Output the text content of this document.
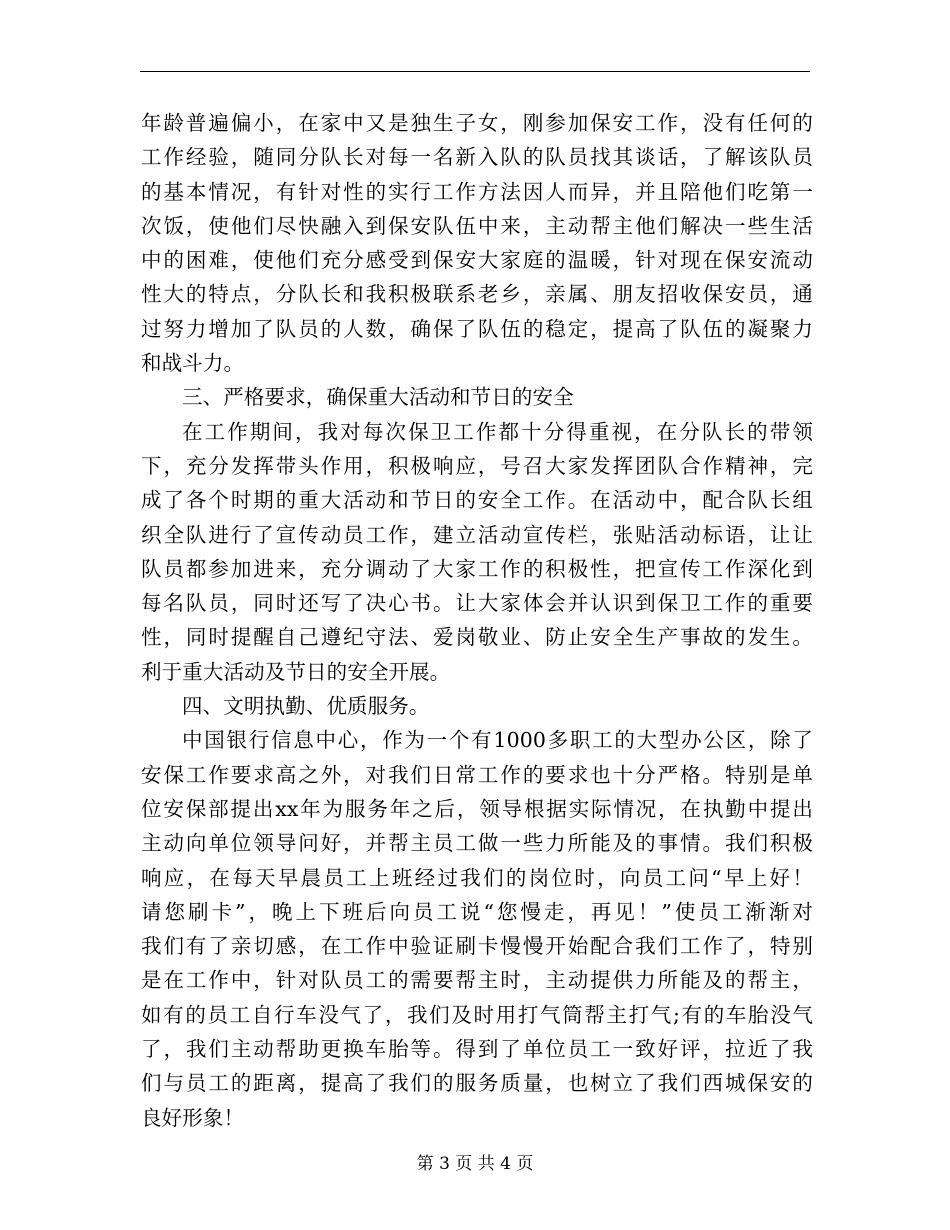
年龄普遍偏小，在家中又是独生子女，刚参加保安工作，没有任何的
工作经验，随同分队长对每一名新入队的队员找其谈话，了解该队员
的基本情况，有针对性的实行工作方法因人而异，并且陪他们吃第一
次饭，使他们尽快融入到保安队伍中来，主动帮主他们解决一些生活
中的困难，使他们充分感受到保安大家庭的温暖，针对现在保安流动
性大的特点，分队长和我积极联系老乡，亲属、朋友招收保安员，通
过努力增加了队员的人数，确保了队伍的稳定，提高了队伍的凝聚力
和战斗力。
三、严格要求，确保重大活动和节日的安全
在工作期间，我对每次保卫工作都十分得重视，在分队长的带领
下，充分发挥带头作用，积极响应，号召大家发挥团队合作精神，完
成了各个时期的重大活动和节日的安全工作。在活动中，配合队长组
织全队进行了宣传动员工作，建立活动宣传栏，张贴活动标语，让让
队员都参加进来，充分调动了大家工作的积极性，把宣传工作深化到
每名队员，同时还写了决心书。让大家体会并认识到保卫工作的重要
性，同时提醒自己遵纪守法、爱岗敬业、防止安全生产事故的发生。
利于重大活动及节日的安全开展。
四、文明执勤、优质服务。
中国银行信息中心，作为一个有1000多职工的大型办公区，除了
安保工作要求高之外，对我们日常工作的要求也十分严格。特别是单
位安保部提出xx年为服务年之后，领导根据实际情况，在执勤中提出
主动向单位领导问好，并帮主员工做一些力所能及的事情。我们积极
响应，在每天早晨员工上班经过我们的岗位时，向员工问“早上好！
请您刷卡”，晚上下班后向员工说“您慢走，再见！”使员工渐渐对
我们有了亲切感，在工作中验证刷卡慢慢开始配合我们工作了，特别
是在工作中，针对队员工的需要帮主时，主动提供力所能及的帮主，
如有的员工自行车没气了，我们及时用打气筒帮主打气;有的车胎没气
了，我们主动帮助更换车胎等。得到了单位员工一致好评，拉近了我
们与员工的距离，提高了我们的服务质量，也树立了我们西城保安的
良好形象！
第 3 页 共 4 页
